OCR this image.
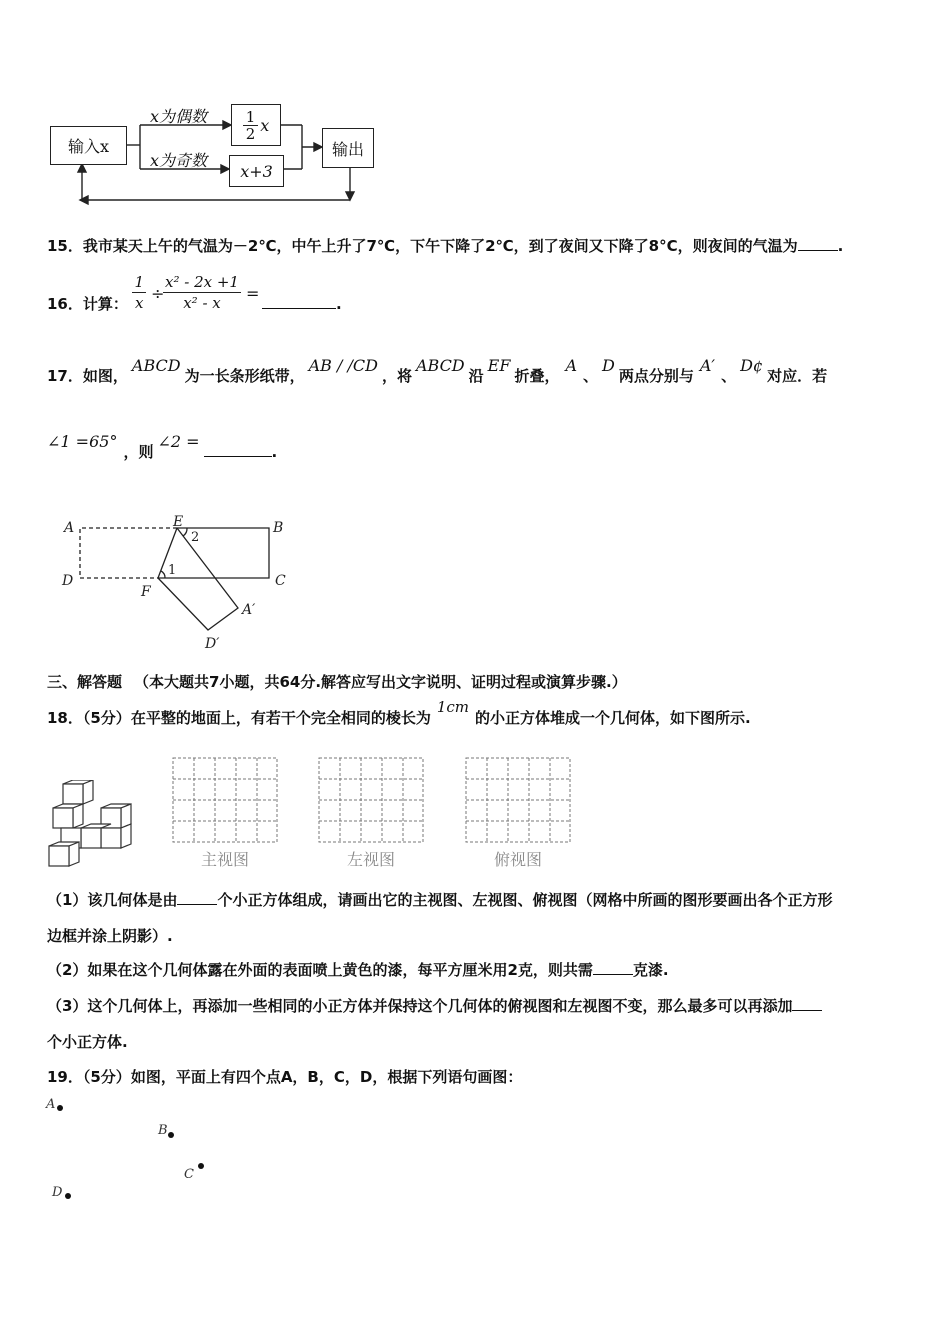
输入x
x为偶数
x为奇数
$\frac{1}{2}$ x
x+3
输出
15．我市某天上午的气温为－2℃，中午上升了7℃，下午下降了2℃，到了夜间又下降了8°C，则夜间的气温为	.
16．计算： $\frac{1}{x}$ ÷
$\frac{\text{x² - 2x +1}}{\text{x² - x}}$ =
.
17．如图，ABCD为一长条形纸带，AB / /CD，将ABCD沿EF折叠，A、D两点分别与A′、D¢对应．若
∠1 =65°，则∠2 =.
A	E	B
D
F
C
A′
D′
1
2
三、解答题 （本大题共7小题，共64分.解答应写出文字说明、证明过程或演算步骤.）
18．（5分）在平整的地面上，有若干个完全相同的棱长为1cm的小正方体堆成一个几何体，如下图所示.
主视图	左视图	俯视图
（1）该几何体是由	个小正方体组成，请画出它的主视图、左视图、俯视图（网格中所画的图形要画出各个正方形
边框并涂上阴影）.
（2）如果在这个几何体露在外面的表面喷上黄色的漆，每平方厘米用2克，则共需	克漆.
（3）这个几何体上，再添加一些相同的小正方体并保持这个几何体的俯视图和左视图不变，那么最多可以再添加
个小正方体.
19．（5分）如图，平面上有四个点A，B，C，D，根据下列语句画图：
A
B
C
D
